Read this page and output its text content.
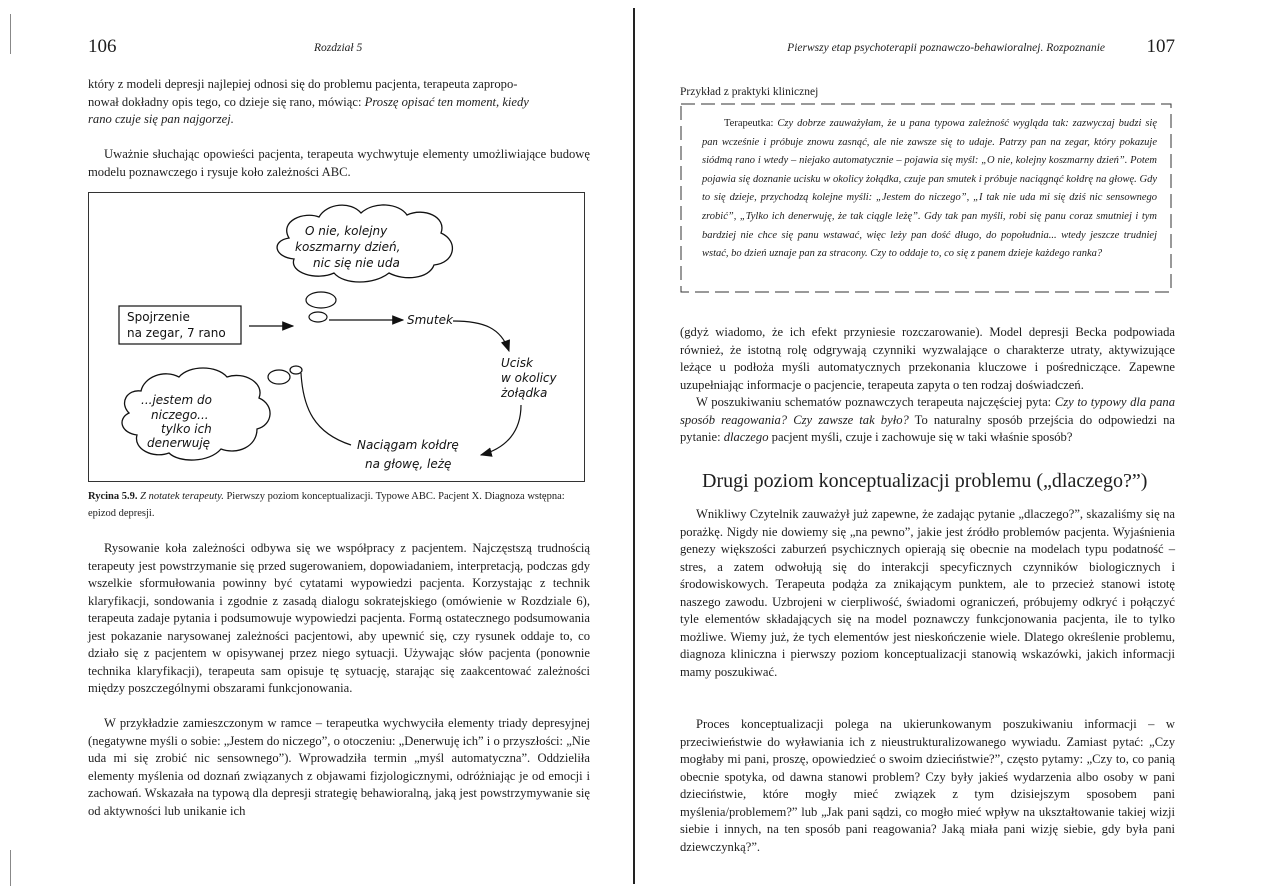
106	Rozdział 5

który z modeli depresji najlepiej odnosi się do problemu pacjenta, terapeuta zapropo-
nował dokładny opis tego, co dzieje się rano, mówiąc: Proszę opisać ten moment, kiedy
rano czuje się pan najgorzej.

Uważnie słuchając opowieści pacjenta, terapeuta wychwytuje elementy umożliwiające budowę modelu poznawczego i rysuje koło zależności ABC.

O nie, kolejny
koszmarny dzień,
nic się nie uda
Spojrzenie
na zegar, 7 rano
Smutek
Ucisk
w okolicy
żołądka
Naciągam kołdrę
na głowę, leżę
...jestem do
niczego...
tylko ich
denerwuję

Rycina 5.9. Z notatek terapeuty. Pierwszy poziom konceptualizacji. Typowe ABC. Pacjent X. Diagnoza wstępna: epizod depresji.

Rysowanie koła zależności odbywa się we współpracy z pacjentem. Najczęstszą trudnością terapeuty jest powstrzymanie się przed sugerowaniem, dopowiadaniem, interpretacją, podczas gdy wszelkie sformułowania powinny być cytatami wypowiedzi pacjenta. Korzystając z technik klaryfikacji, sondowania i zgodnie z zasadą dialogu sokratejskiego (omówienie w Rozdziale 6), terapeuta zadaje pytania i podsumowuje wypowiedzi pacjenta. Formą ostatecznego podsumowania jest pokazanie narysowanej zależności pacjentowi, aby upewnić się, czy rysunek oddaje to, co działo się z pacjentem w opisywanej przez niego sytuacji. Używając słów pacjenta (ponownie technika klaryfikacji), terapeuta sam opisuje tę sytuację, starając się zaakcentować zależności między poszczególnymi obszarami funkcjonowania.

W przykładzie zamieszczonym w ramce – terapeutka wychwyciła elementy triady depresyjnej (negatywne myśli o sobie: „Jestem do niczego”, o otoczeniu: „Denerwuję ich” i o przyszłości: „Nie uda mi się zrobić nic sensownego”). Wprowadziła termin „myśl automatyczna”. Oddzieliła elementy myślenia od doznań związanych z objawami fizjologicznymi, odróżniając je od emocji i zachowań. Wskazała na typową dla depresji strategię behawioralną, jaką jest powstrzymywanie się od aktywności lub unikanie ich

Pierwszy etap psychoterapii poznawczo-behawioralnej. Rozpoznanie 107
Przykład z praktyki klinicznej

Terapeutka: Czy dobrze zauważyłam, że u pana typowa zależność wygląda tak: zazwyczaj budzi się pan wcześnie i próbuje znowu zasnąć, ale nie zawsze się to udaje. Patrzy pan na zegar, który pokazuje siódmą rano i wtedy – niejako automatycznie – pojawia się myśl: „O nie, kolejny koszmarny dzień”. Potem pojawia się doznanie ucisku w okolicy żołądka, czuje pan smutek i próbuje naciągnąć kołdrę na głowę. Gdy to się dzieje, przychodzą kolejne myśli: „Jestem do niczego”, „I tak nie uda mi się dziś nic sensownego zrobić”, „Tylko ich denerwuję, że tak ciągle leżę”. Gdy tak pan myśli, robi się panu coraz smutniej i tym bardziej nie chce się panu wstawać, więc leży pan dość długo, do popołudnia... wtedy jeszcze trudniej wstać, bo dzień uznaje pan za stracony. Czy to oddaje to, co się z panem dzieje każdego ranka?

(gdyż wiadomo, że ich efekt przyniesie rozczarowanie). Model depresji Becka podpowiada również, że istotną rolę odgrywają czynniki wyzwalające o charakterze utraty, aktywizujące leżące u podłoża myśli automatycznych przekonania kluczowe i pośredniczące. Zapewne uzupełniając informacje o pacjencie, terapeuta zapyta o ten rodzaj doświadczeń.

W poszukiwaniu schematów poznawczych terapeuta najczęściej pyta: Czy to typowy dla pana sposób reagowania? Czy zawsze tak było? To naturalny sposób przejścia do odpowiedzi na pytanie: dlaczego pacjent myśli, czuje i zachowuje się w taki właśnie sposób?

Drugi poziom konceptualizacji problemu („dlaczego?”)

Wnikliwy Czytelnik zauważył już zapewne, że zadając pytanie „dlaczego?”, skazaliśmy się na porażkę. Nigdy nie dowiemy się „na pewno”, jakie jest źródło problemów pacjenta. Wyjaśnienia genezy większości zaburzeń psychicznych opierają się obecnie na modelach typu podatność – stres, a zatem odwołują się do interakcji specyficznych czynników biologicznych i środowiskowych. Terapeuta podąża za znikającym punktem, ale to przecież stanowi istotę naszego zawodu. Uzbrojeni w cierpliwość, świadomi ograniczeń, próbujemy odkryć i połączyć tyle elementów składających się na model poznawczy funkcjonowania pacjenta, ile to tylko możliwe. Wiemy już, że tych elementów jest nieskończenie wiele. Dlatego określenie problemu, diagnoza kliniczna i pierwszy poziom konceptualizacji stanowią wskazówki, jakich informacji mamy poszukiwać.

Proces konceptualizacji polega na ukierunkowanym poszukiwaniu informacji – w przeciwieństwie do wyławiania ich z nieustrukturalizowanego wywiadu. Zamiast pytać: „Czy mogłaby mi pani, proszę, opowiedzieć o swoim dzieciństwie?”, często pytamy: „Czy to, co panią obecnie spotyka, od dawna stanowi problem? Czy były jakieś wydarzenia albo osoby w pani dzieciństwie, które mogły mieć związek z tym dzisiejszym sposobem pani myślenia/problemem?” lub „Jak pani sądzi, co mogło mieć wpływ na ukształtowanie takiej wizji siebie i innych, na ten sposób pani reagowania? Jaką miała pani wizję siebie, gdy była pani dziewczynką?”.
